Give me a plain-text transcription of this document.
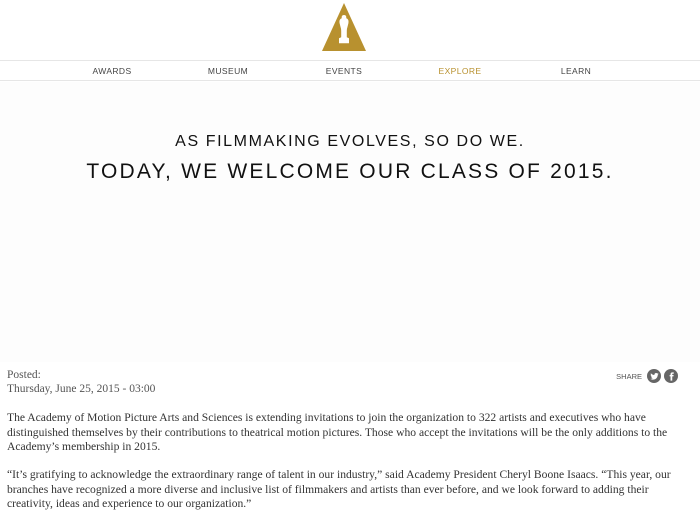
AWARDS	MUSEUM	EVENTS	EXPLORE	LEARN
AS FILMMAKING EVOLVES, SO DO WE.
TODAY, WE WELCOME OUR CLASS OF 2015.
Posted:
Thursday, June 25, 2015 - 03:00
SHARE

The Academy of Motion Picture Arts and Sciences is extending invitations to join the organization to 322 artists and executives who have distinguished themselves by their contributions to theatrical motion pictures. Those who accept the invitations will be the only additions to the Academy’s membership in 2015.

“It’s gratifying to acknowledge the extraordinary range of talent in our industry,” said Academy President Cheryl Boone Isaacs. “This year, our branches have recognized a more diverse and inclusive list of filmmakers and artists than ever before, and we look forward to adding their creativity, ideas and experience to our organization.”
